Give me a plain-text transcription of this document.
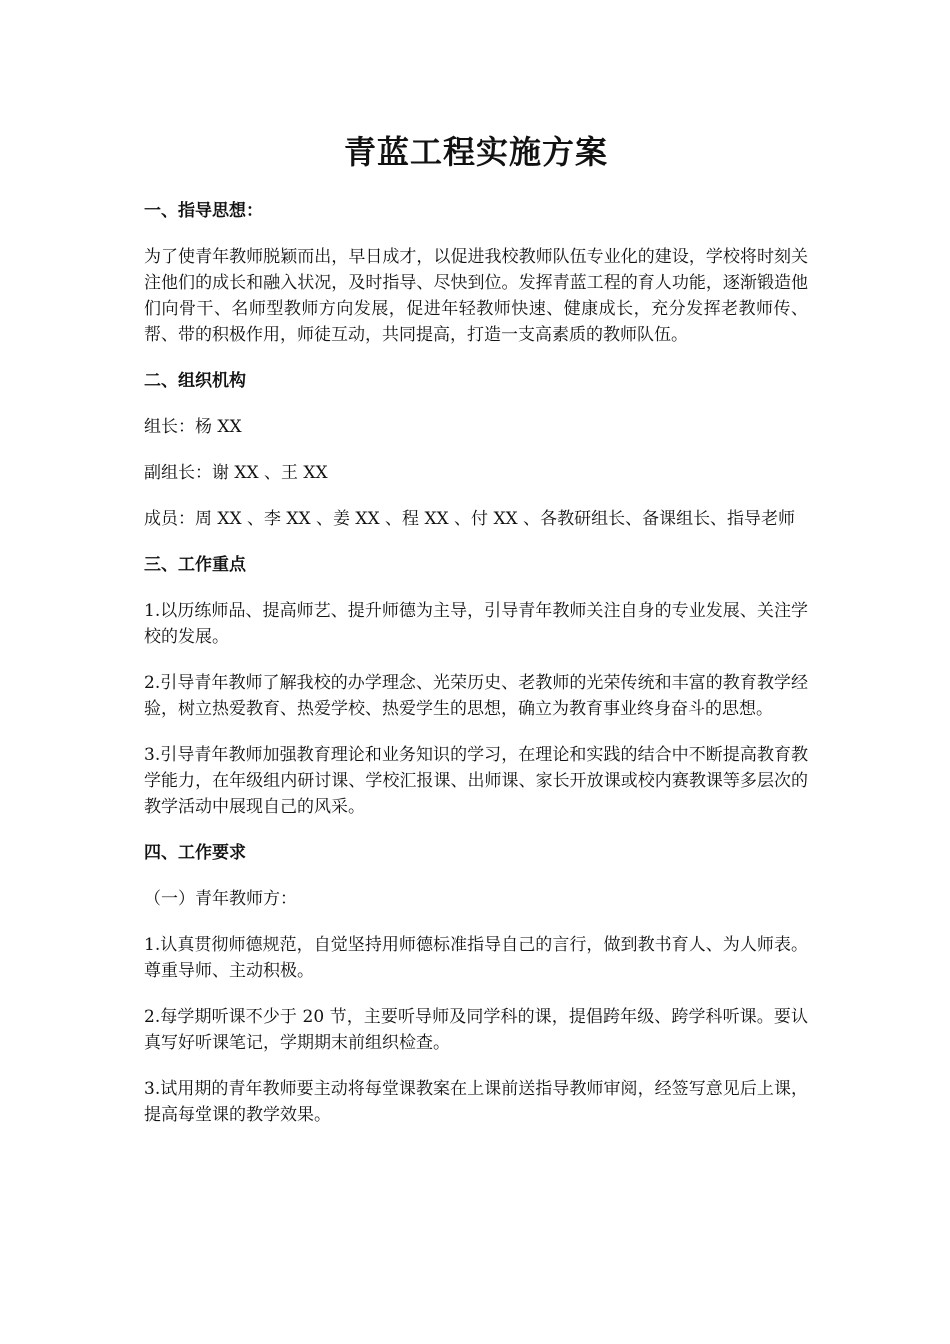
青蓝工程实施方案
一、指导思想：

为了使青年教师脱颖而出，早日成才，以促进我校教师队伍专业化的建设，学校将时刻关注他们的成长和融入状况，及时指导、尽快到位。发挥青蓝工程的育人功能，逐渐锻造他们向骨干、名师型教师方向发展，促进年轻教师快速、健康成长，充分发挥老教师传、帮、带的积极作用，师徒互动，共同提高，打造一支高素质的教师队伍。

二、组织机构

组长：杨 XX

副组长：谢 XX 、王 XX

成员：周 XX 、李 XX 、姜 XX 、程 XX 、付 XX 、各教研组长、备课组长、指导老师

三、工作重点

1.以历练师品、提高师艺、提升师德为主导，引导青年教师关注自身的专业发展、关注学校的发展。

2.引导青年教师了解我校的办学理念、光荣历史、老教师的光荣传统和丰富的教育教学经验，树立热爱教育、热爱学校、热爱学生的思想，确立为教育事业终身奋斗的思想。

3.引导青年教师加强教育理论和业务知识的学习，在理论和实践的结合中不断提高教育教学能力，在年级组内研讨课、学校汇报课、出师课、家长开放课或校内赛教课等多层次的教学活动中展现自己的风采。

四、工作要求

（一）青年教师方：

1.认真贯彻师德规范，自觉坚持用师德标准指导自己的言行，做到教书育人、为人师表。尊重导师、主动积极。

2.每学期听课不少于 20 节，主要听导师及同学科的课，提倡跨年级、跨学科听课。要认真写好听课笔记，学期期末前组织检查。

3.试用期的青年教师要主动将每堂课教案在上课前送指导教师审阅，经签写意见后上课，提高每堂课的教学效果。
